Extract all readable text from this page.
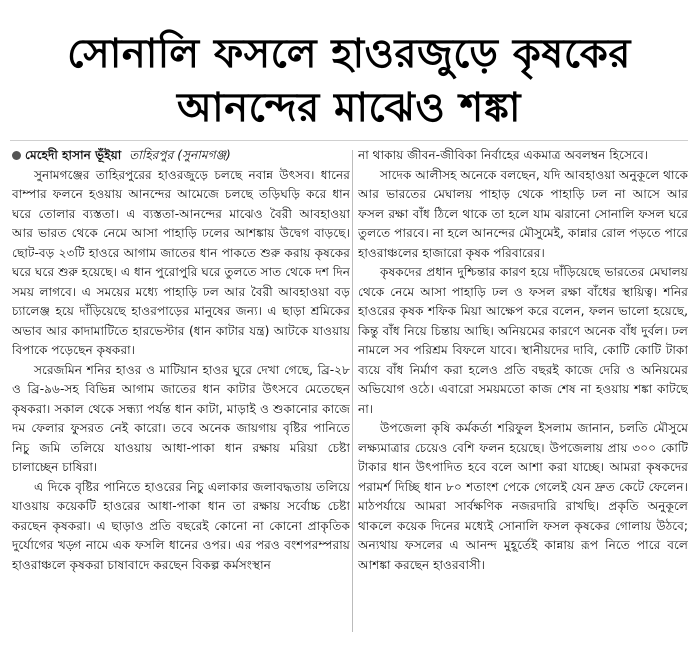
সোনালি ফসলে হাওরজুড়ে কৃষকের
আনন্দের মাঝেও শঙ্কা
মেহেদী হাসান ভূঁইয়া তাহিরপুর (সুনামগঞ্জ)

সুনামগঞ্জের তাহিরপুরের হাওরজুড়ে চলছে নবান্ন উৎসব। ধানের বাম্পার ফলনে হওয়ায় আনন্দের আমেজে চলছে তড়িঘড়ি করে ধান ঘরে তোলার ব্যস্ততা। এ ব্যস্ততা-আনন্দের মাঝেও বৈরী আবহাওয়া আর ভারত থেকে নেমে আসা পাহাড়ি ঢলের আশঙ্কায় উদ্বেগ বাড়ছে। ছোট-বড় ২৩টি হাওরে আগাম জাতের ধান পাকতে শুরু করায় কৃষকের ঘরে ঘরে শুরু হয়েছে। এ ধান পুরোপুরি ঘরে তুলতে সাত থেকে দশ দিন সময় লাগবে। এ সময়ের মধ্যে পাহাড়ি ঢল আর বৈরী আবহাওয়া বড় চ্যালেঞ্জ হয়ে দাঁড়িয়েছে হাওরপাড়ের মানুষের জন্য। এ ছাড়া শ্রমিকের অভাব আর কাদামাটিতে হারভেস্টার (ধান কাটার যন্ত্র) আটকে যাওয়ায় বিপাকে পড়েছেন কৃষকরা।

সরেজমিন শনির হাওর ও মাটিয়ান হাওর ঘুরে দেখা গেছে, ব্রি-২৮ ও ব্রি-৯৬-সহ বিভিন্ন আগাম জাতের ধান কাটার উৎসবে মেতেছেন কৃষকরা। সকাল থেকে সন্ধ্যা পর্যন্ত ধান কাটা, মাড়াই ও শুকানোর কাজে দম ফেলার ফুসরত নেই কারো। তবে অনেক জায়গায় বৃষ্টির পানিতে নিচু জমি তলিয়ে যাওয়ায় আধা-পাকা ধান রক্ষায় মরিয়া চেষ্টা চালাচ্ছেন চাষিরা।

এ দিকে বৃষ্টির পানিতে হাওরের নিচু এলাকার জলাবদ্ধতায় তলিয়ে যাওয়ায় কয়েকটি হাওরের আধা-পাকা ধান তা রক্ষায় সর্বোচ্চ চেষ্টা করছেন কৃষকরা। এ ছাড়াও প্রতি বছরেই কোনো না কোনো প্রাকৃতিক দুর্যোগের খড়্গ নামে এক ফসলি ধানের ওপর। এর পরও বংশপরম্পরায় হাওরাঞ্চলে কৃষকরা চাষাবাদে করছেন বিকল্প কর্মসংস্থান

না থাকায় জীবন-জীবিকা নির্বাহের একমাত্র অবলম্বন হিসেবে।

সাদেক আলীসহ অনেকে বলছেন, যদি আবহাওয়া অনুকূলে থাকে আর ভারতের মেঘালয় পাহাড় থেকে পাহাড়ি ঢল না আসে আর ফসল রক্ষা বাঁধ ঠিলে থাকে তা হলে যাম ঝরানো সোনালি ফসল ঘরে তুলতে পারবে। না হলে আনন্দের মৌসুমেই, কান্নার রোল পড়তে পারে হাওরাঞ্চলের হাজারো কৃষক পরিবারের।

কৃষকদের প্রধান দুশ্চিন্তার কারণ হয়ে দাঁড়িয়েছে ভারতের মেঘালয় থেকে নেমে আসা পাহাড়ি ঢল ও ফসল রক্ষা বাঁধের স্থায়িত্ব। শনির হাওরের কৃষক শফিক মিয়া আক্ষেপ করে বলেন, ফলন ভালো হয়েছে, কিন্তু বাঁধ নিয়ে চিন্তায় আছি। অনিয়মের কারণে অনেক বাঁধ দুর্বল। ঢল নামলে সব পরিশ্রম বিফলে যাবে। স্থানীয়দের দাবি, কোটি কোটি টাকা ব্যয়ে বাঁধ নির্মাণ করা হলেও প্রতি বছরই কাজে দেরি ও অনিয়মের অভিযোগ ওঠে। এবারো সময়মতো কাজ শেষ না হওয়ায় শঙ্কা কাটছে না।

উপজেলা কৃষি কর্মকর্তা শরিফুল ইসলাম জানান, চলতি মৌসুমে লক্ষ্যমাত্রার চেয়েও বেশি ফলন হয়েছে। উপজেলায় প্রায় ৩০০ কোটি টাকার ধান উৎপাদিত হবে বলে আশা করা যাচ্ছে। আমরা কৃষকদের পরামর্শ দিচ্ছি ধান ৮০ শতাংশ পেকে গেলেই যেন দ্রুত কেটে ফেলেন। মাঠপর্যায়ে আমরা সার্বক্ষণিক নজরদারি রাখছি। প্রকৃতি অনুকূলে থাকলে কয়েক দিনের মধ্যেই সোনালি ফসল কৃষকের গোলায় উঠবে; অন্যথায় ফসলের এ আনন্দ মুহূর্তেই কান্নায় রূপ নিতে পারে বলে আশঙ্কা করছেন হাওরবাসী।
